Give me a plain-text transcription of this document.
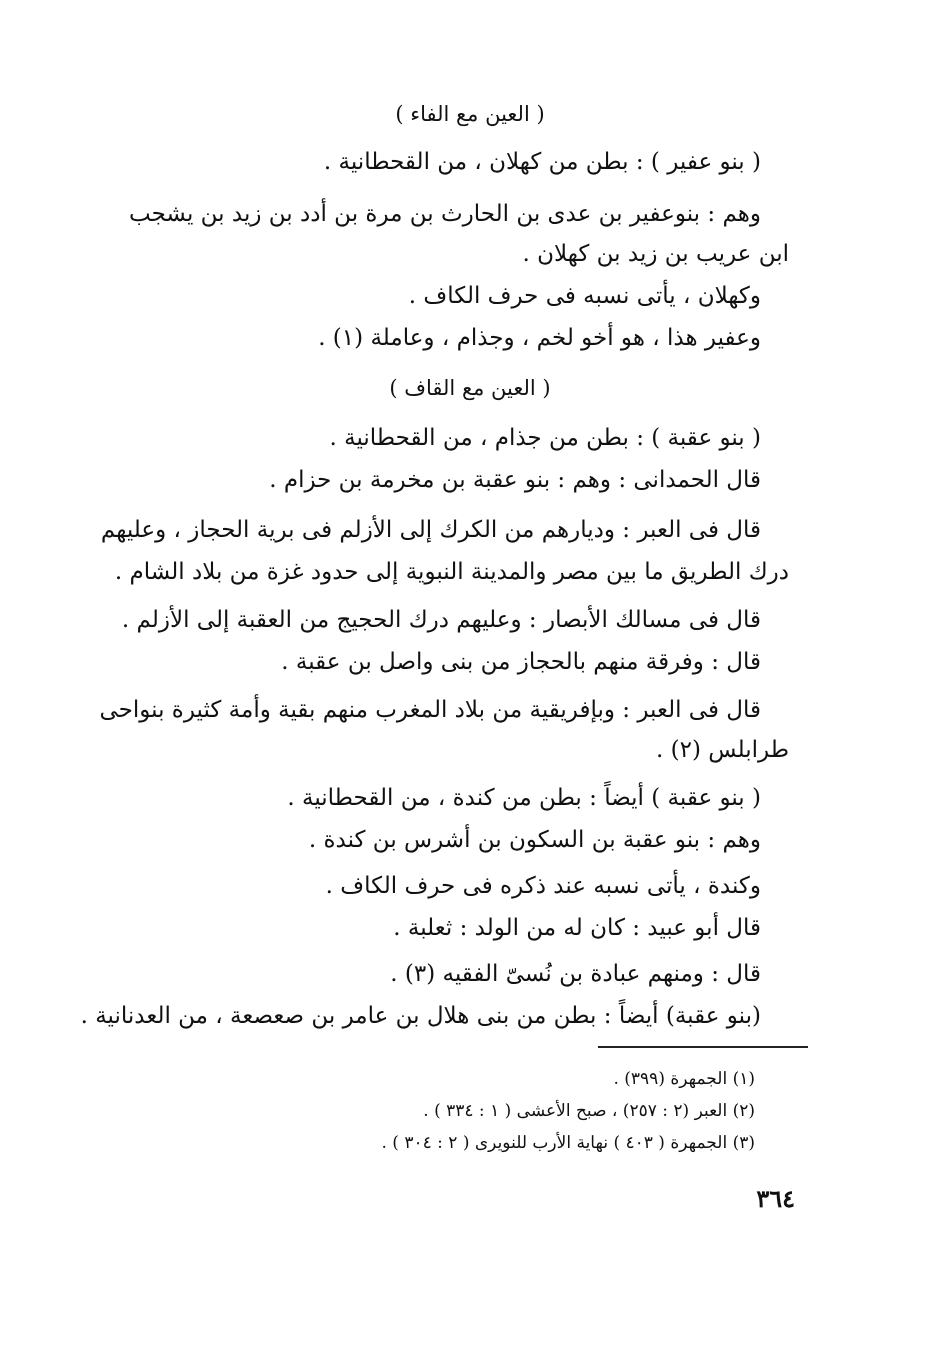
( العين مع الفاء )
( بنو عفير ) : بطن من كهلان ، من القحطانية .
وهم : بنوعفير بن عدى بن الحارث بن مرة بن أدد بن زيد بن يشجب
ابن عريب بن زيد بن كهلان .
وكهلان ، يأتى نسبه فى حرف الكاف .
وعفير هذا ، هو أخو لخم ، وجذام ، وعاملة (١) .
( العين مع القاف )
( بنو عقبة ) : بطن من جذام ، من القحطانية .
قال الحمدانى : وهم : بنو عقبة بن مخرمة بن حزام .
قال فى العبر : وديارهم من الكرك إلى الأزلم فى برية الحجاز ، وعليهم
درك الطريق ما بين مصر والمدينة النبوية إلى حدود غزة من بلاد الشام .
قال فى مسالك الأبصار : وعليهم درك الحجيج من العقبة إلى الأزلم .
قال : وفرقة منهم بالحجاز من بنى واصل بن عقبة .
قال فى العبر : وبإفريقية من بلاد المغرب منهم بقية وأمة كثيرة بنواحى
طرابلس (٢) .
( بنو عقبة ) أيضاً : بطن من كندة ، من القحطانية .
وهم : بنو عقبة بن السكون بن أشرس بن كندة .
وكندة ، يأتى نسبه عند ذكره فى حرف الكاف .
قال أبو عبيد : كان له من الولد : ثعلبة .
قال : ومنهم عبادة بن نُسىّ الفقيه (٣) .
(بنو عقبة) أيضاً : بطن من بنى هلال بن عامر بن صعصعة ، من العدنانية .
(١) الجمهرة (٣٩٩) .
(٢) العبر (٢ : ٢٥٧) ، صبح الأعشى ( ١ : ٣٣٤ ) .
(٣) الجمهرة ( ٤٠٣ ) نهاية الأرب للنويرى ( ٢ : ٣٠٤ ) .
٣٦٤
